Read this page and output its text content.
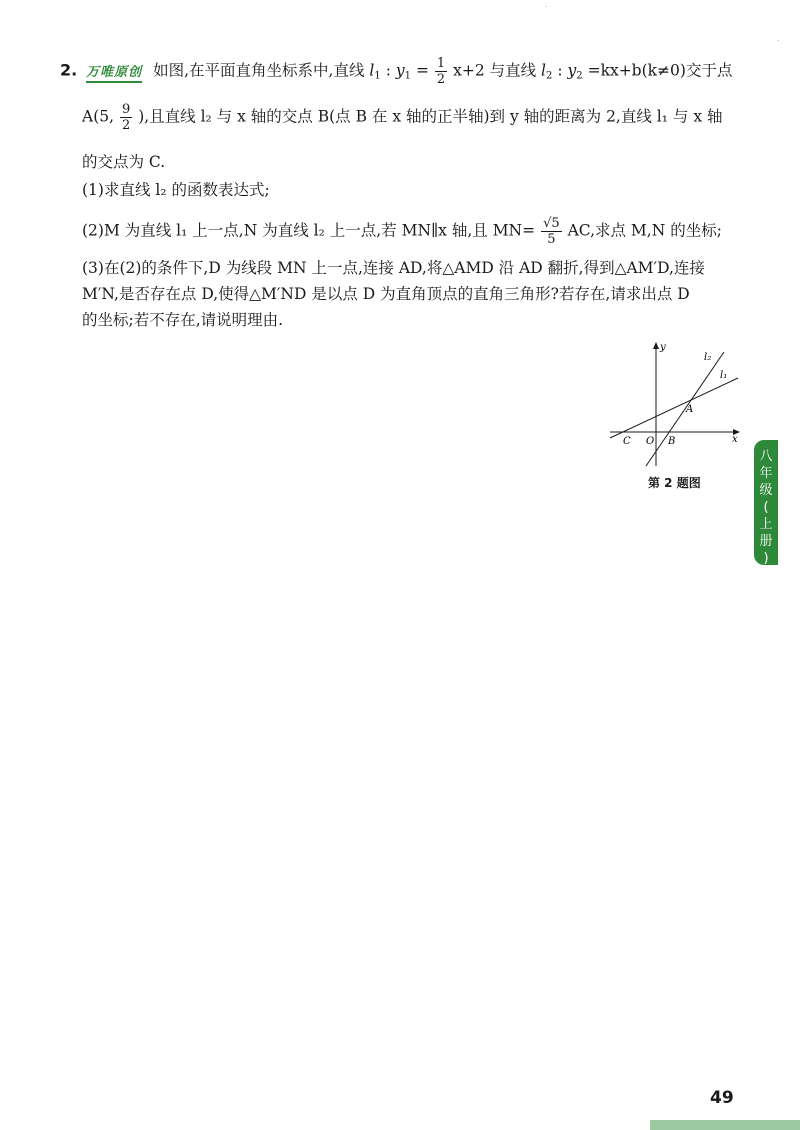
.
.
2. 万唯原创 如图,在平面直角坐标系中,直线 $l_1$ : $y_1 = \frac{1}{2} x+2$ 与直线 $l_2$ : $y_2 =kx+b(k\ne 0)$交于点
A(5, $\frac{9}{2}$ ),且直线 l₂ 与 x 轴的交点 B(点 B 在 x 轴的正半轴)到 y 轴的距离为 2,直线 l₁ 与 x 轴
的交点为 C.
(1)求直线 l₂ 的函数表达式;
(2)M 为直线 l₁ 上一点,N 为直线 l₂ 上一点,若 MN∥x 轴,且 $MN= \frac{√5}{5}$ AC,求点 M,N 的坐标;
(3)在(2)的条件下,D 为线段 MN 上一点,连接 AD,将△AMD 沿 AD 翻折,得到△AM′D,连接
M′N,是否存在点 D,使得△M′ND 是以点 D 为直角顶点的直角三角形?若存在,请求出点 D
的坐标;若不存在,请说明理由.
y
x
l₂
l₁
A
C O B
第 2 题图
八
年
级
(
上
册
)
49
